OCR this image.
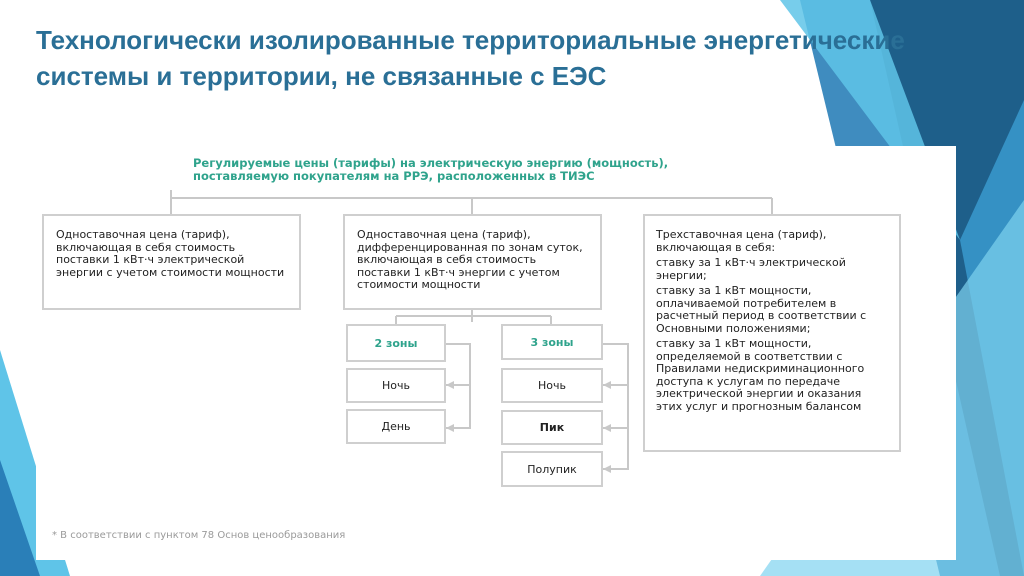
Технологически изолированные территориальные энергетические системы и территории, не связанные с ЕЭС
Регулируемые цены (тарифы) на электрическую энергию (мощность),
поставляемую покупателям на РРЭ, расположенных в ТИЭС

Одноставочная цена (тариф), включающая в себя стоимость поставки 1 кВт·ч электрической энергии с учетом стоимости мощности

Одноставочная цена (тариф), дифференцированная по зонам суток, включающая в себя стоимость поставки 1 кВт·ч энергии с учетом стоимости мощности

Трехставочная цена (тариф), включающая в себя:

ставку за 1 кВт·ч электрической энергии;

ставку за 1 кВт мощности, оплачиваемой потребителем в расчетный период в соответствии с Основными положениями;

ставку за 1 кВт мощности, определяемой в соответствии с Правилами недискриминационного доступа к услугам по передаче электрической энергии и оказания этих услуг и прогнозным балансом

2 зоны
Ночь
День
3 зоны
Ночь
Пик
Полупик
* В соответствии с пунктом 78 Основ ценообразования
